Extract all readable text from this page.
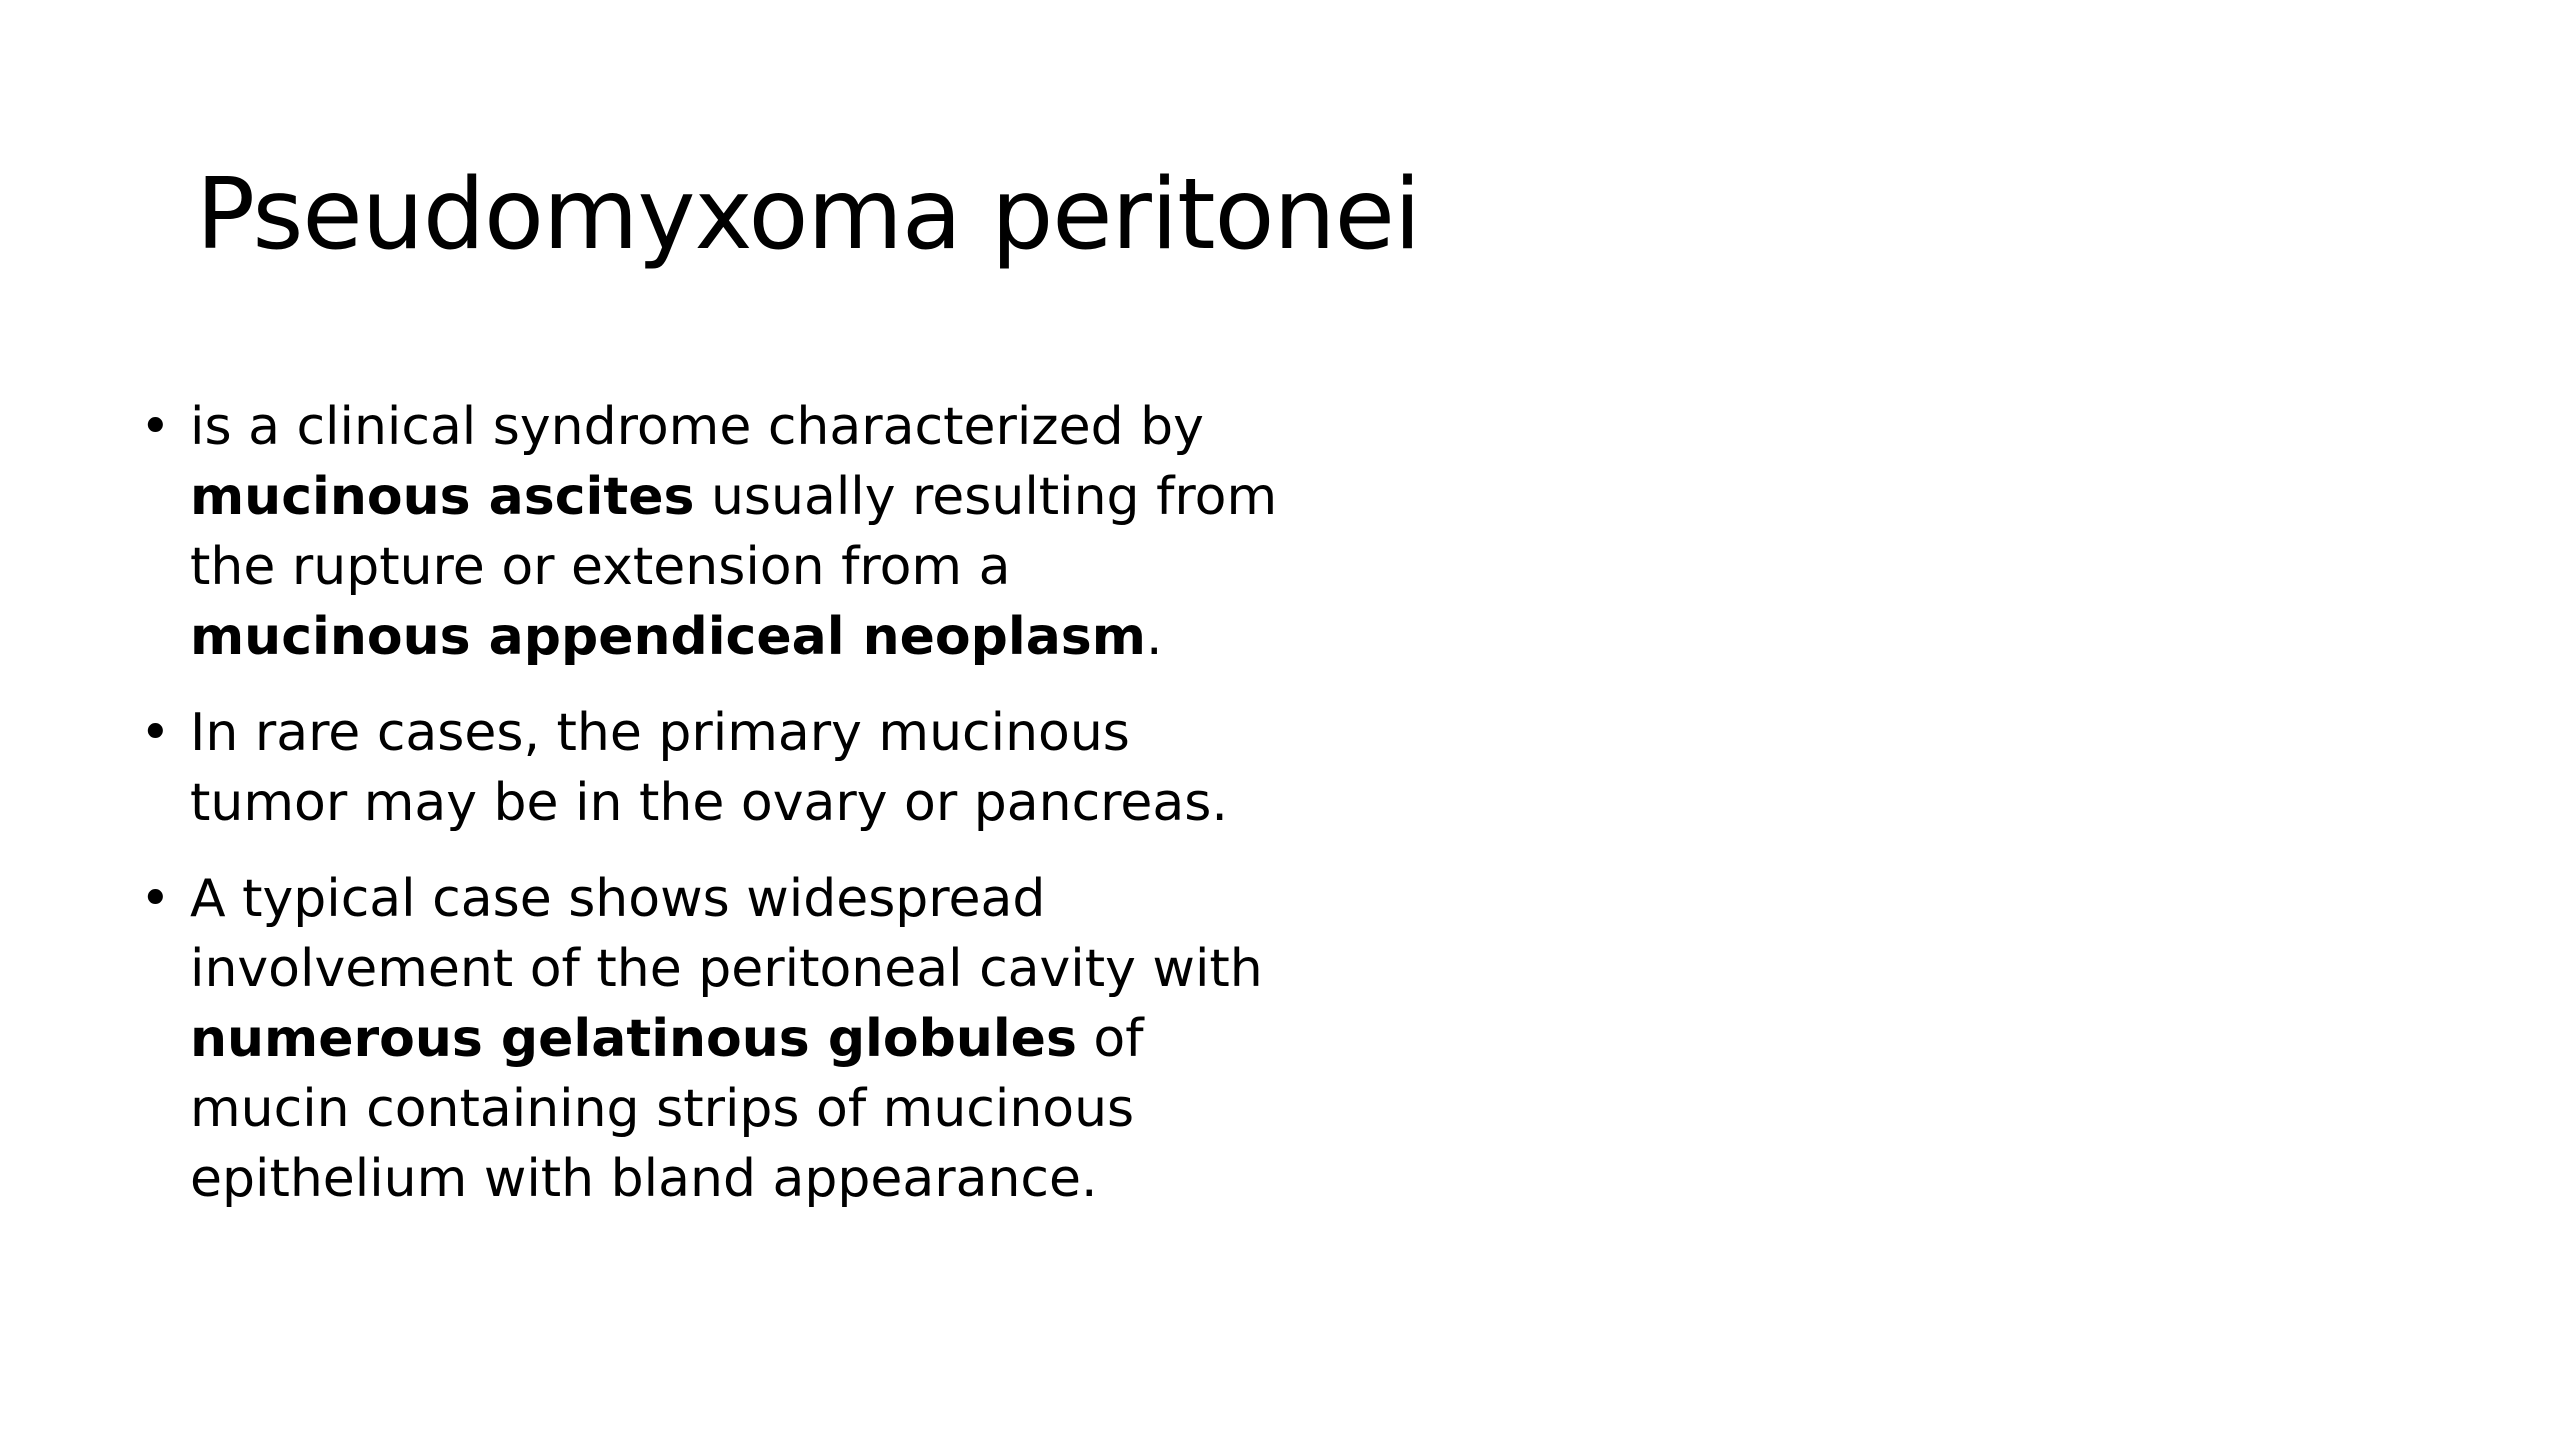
Pseudomyxoma peritonei
• is a clinical syndrome characterized by mucinous ascites usually resulting from the rupture or extension from a mucinous appendiceal neoplasm.
• In rare cases, the primary mucinous tumor may be in the ovary or pancreas.
• A typical case shows widespread involvement of the peritoneal cavity with numerous gelatinous globules of mucin containing strips of mucinous epithelium with bland appearance.
